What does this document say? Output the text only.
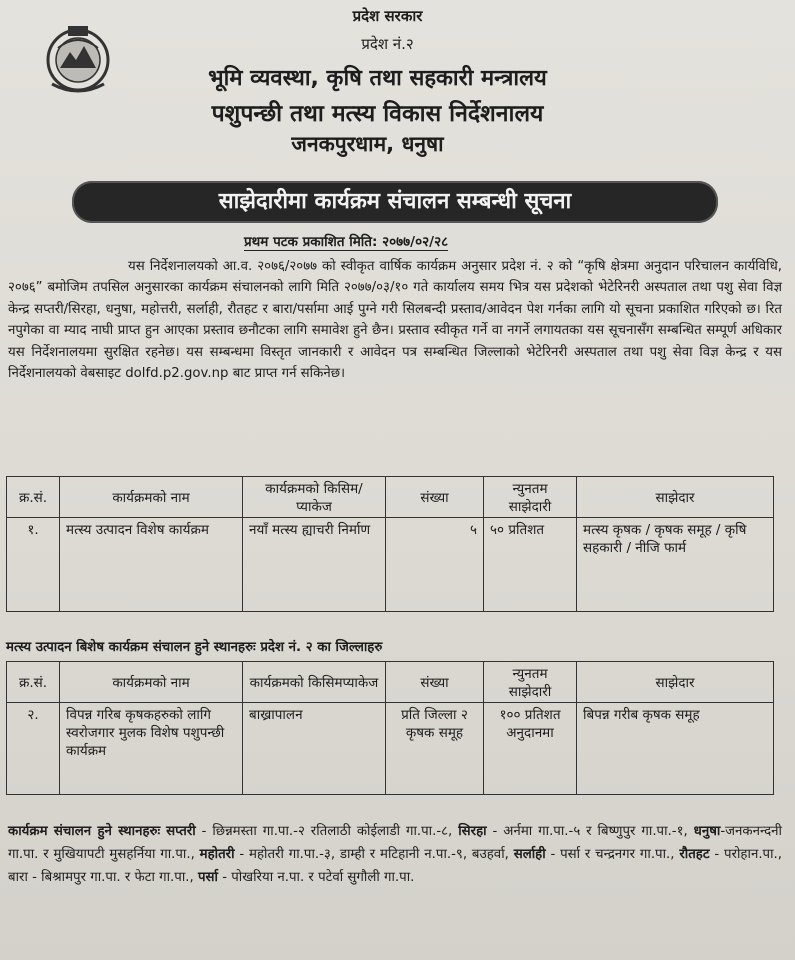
प्रदेश सरकार
प्रदेश नं.२
भूमि व्यवस्था, कृषि तथा सहकारी मन्त्रालय
पशुपन्छी तथा मत्स्य विकास निर्देशनालय
जनकपुरधाम, धनुषा
साझेदारीमा कार्यक्रम संचालन सम्बन्धी सूचना
प्रथम पटक प्रकाशित मिति: २०७७/०२/२८
यस निर्देशनालयको आ.व. २०७६/२०७७ को स्वीकृत वार्षिक कार्यक्रम अनुसार प्रदेश नं. २ को “कृषि क्षेत्रमा अनुदान परिचालन कार्यविधि, २०७६” बमोजिम तपसिल अनुसारका कार्यक्रम संचालनको लागि मिति २०७७/०३/१० गते कार्यालय समय भित्र यस प्रदेशको भेटेरिनरी अस्पताल तथा पशु सेवा विज्ञ केन्द्र सप्तरी/सिरहा, धनुषा, महोत्तरी, सर्लाही, रौतहट र बारा/पर्सामा आई पुग्ने गरी सिलबन्दी प्रस्ताव/आवेदन पेश गर्नका लागि यो सूचना प्रकाशित गरिएको छ। रित नपुगेका वा म्याद नाघी प्राप्त हुन आएका प्रस्ताव छनौटका लागि समावेश हुने छैन। प्रस्ताव स्वीकृत गर्ने वा नगर्ने लगायतका यस सूचनासँग सम्बन्धित सम्पूर्ण अधिकार यस निर्देशनालयमा सुरक्षित रहनेछ। यस सम्बन्धमा विस्तृत जानकारी र आवेदन पत्र सम्बन्धित जिल्लाको भेटेरिनरी अस्पताल तथा पशु सेवा विज्ञ केन्द्र र यस निर्देशनालयको वेबसाइट dolfd.p2.gov.np बाट प्राप्त गर्न सकिनेछ।
क्र.सं.	कार्यक्रमको नाम	कार्यक्रमको किसिम/प्याकेज	संख्या	न्युनतम साझेदारी	साझेदार
१.	मत्स्य उत्पादन विशेष कार्यक्रम	नयाँ मत्स्य ह्याचरी निर्माण	५	५० प्रतिशत	मत्स्य कृषक / कृषक समूह / कृषि सहकारी / नीजि फार्म
मत्स्य उत्पादन बिशेष कार्यक्रम संचालन हुने स्थानहरुः प्रदेश नं. २ का जिल्लाहरु
क्र.सं.	कार्यक्रमको नाम	कार्यक्रमको किसिमप्याकेज	संख्या	न्युनतम साझेदारी	साझेदार
२.	विपन्न गरिब कृषकहरुको लागि स्वरोजगार मुलक विशेष पशुपन्छी कार्यक्रम	बाख्रापालन	प्रति जिल्ला २ कृषक समूह	१०० प्रतिशत अनुदानमा	बिपन्न गरीब कृषक समूह
कार्यक्रम संचालन हुने स्थानहरुः सप्तरी - छिन्नमस्ता गा.पा.-२ रतिलाठी कोईलाडी गा.पा.-८, सिरहा - अर्नमा गा.पा.-५ र बिष्णुपुर गा.पा.-१, धनुषा-जनकनन्दनी गा.पा. र मुखियापटी मुसहर्निया गा.पा., महोतरी - महोतरी गा.पा.-३, डाम्ही र मटिहानी न.पा.-९, बउहर्वा, सर्लाही - पर्सा र चन्द्रनगर गा.पा., रौतहट - परोहान.पा., बारा - बिश्रामपुर गा.पा. र फेटा गा.पा., पर्सा - पोखरिया न.पा. र पटेर्वा सुगौली गा.पा.
